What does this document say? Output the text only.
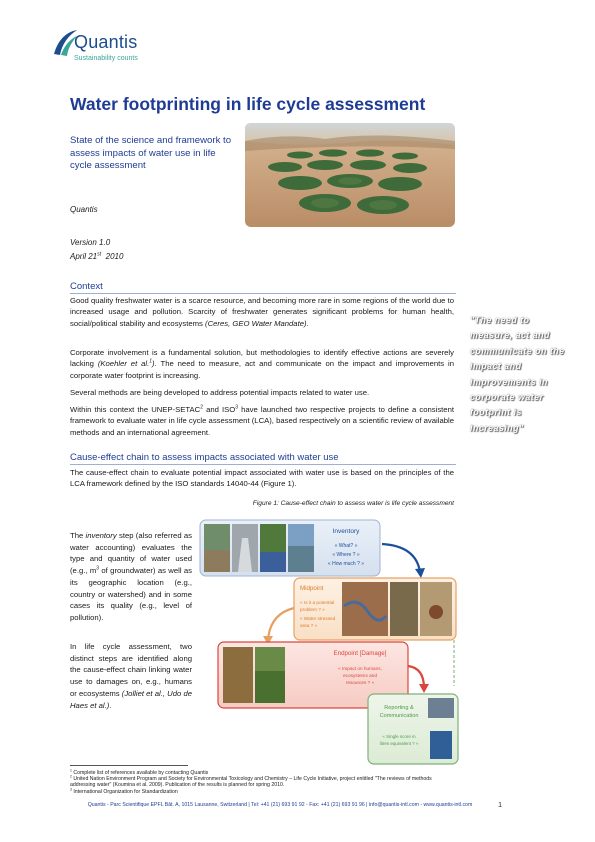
Quantis
Sustainability counts
Water footprinting in life cycle assessment
State of the science and framework to assess impacts of water use in life cycle assessment
Quantis
Version 1.0
April 21st 2010
Context

Good quality freshwater water is a scarce resource, and becoming more rare in some regions of the world due to increased usage and pollution. Scarcity of freshwater generates significant problems for human health, social/political stability and ecosystems (Ceres, GEO Water Mandate).

Corporate involvement is a fundamental solution, but methodologies to identify effective actions are severely lacking (Koehler et al.$^1$). The need to measure, act and communicate on the impact and improvements in corporate water footprint is increasing.

Several methods are being developed to address potential impacts related to water use.

Within this context the UNEP-SETAC$^2$ and ISO$^3$ have launched two respective projects to define a consistent framework to evaluate water in life cycle assessment (LCA), based respectively on a scientific review of available methods and an international agreement.

"The need to measure, act and communicate on the impact and improvements in corporate water footprint is increasing"
Cause-effect chain to assess impacts associated with water use

The cause-effect chain to evaluate potential impact associated with water use is based on the principles of the LCA framework defined by the ISO standards 14040-44 (Figure 1).

Figure 1: Cause-effect chain to assess water is life cycle assessment

The inventory step (also referred as water accounting) evaluates the type and quantity of water used (e.g., $m^3$ of groundwater) as well as its geographic location (e.g., country or watershed) and in some cases its quality (e.g., level of pollution).

In life cycle assessment, two distinct steps are identified along the cause-effect chain linking water use to damages on, e.g., humans or ecosystems (Jolliet et al., Udo de Haes et al.).

Inventory
« What? »
« Where ? »
« How much ? »
Midpoint
« Is it a potential
problem ? »
« Water stressed
area ? »
Endpoint [Damage]
« Impact on humans,
ecosystems and
resources ? »
Reporting &
Communication
« Single score in
litres equivalent ? »
$^1$ Complete list of references available by contacting Quantis
$^2$ United Nation Environment Program and Society for Environmental Toxicology and Chemistry – Life Cycle Initiative, project entitled "The reviews of methods addressing water" (Koumina et al. 2009). Publication of the results is planned for spring 2010.
$^3$ International Organization for Standardization
Quantis - Parc Scientifique EPFL Bât. A, 1015 Lausanne, Switzerland | Tel: +41 (21) 693 91 92 - Fax: +41 (21) 693 91 96 | info@quantis-intl.com - www.quantis-intl.com	1
